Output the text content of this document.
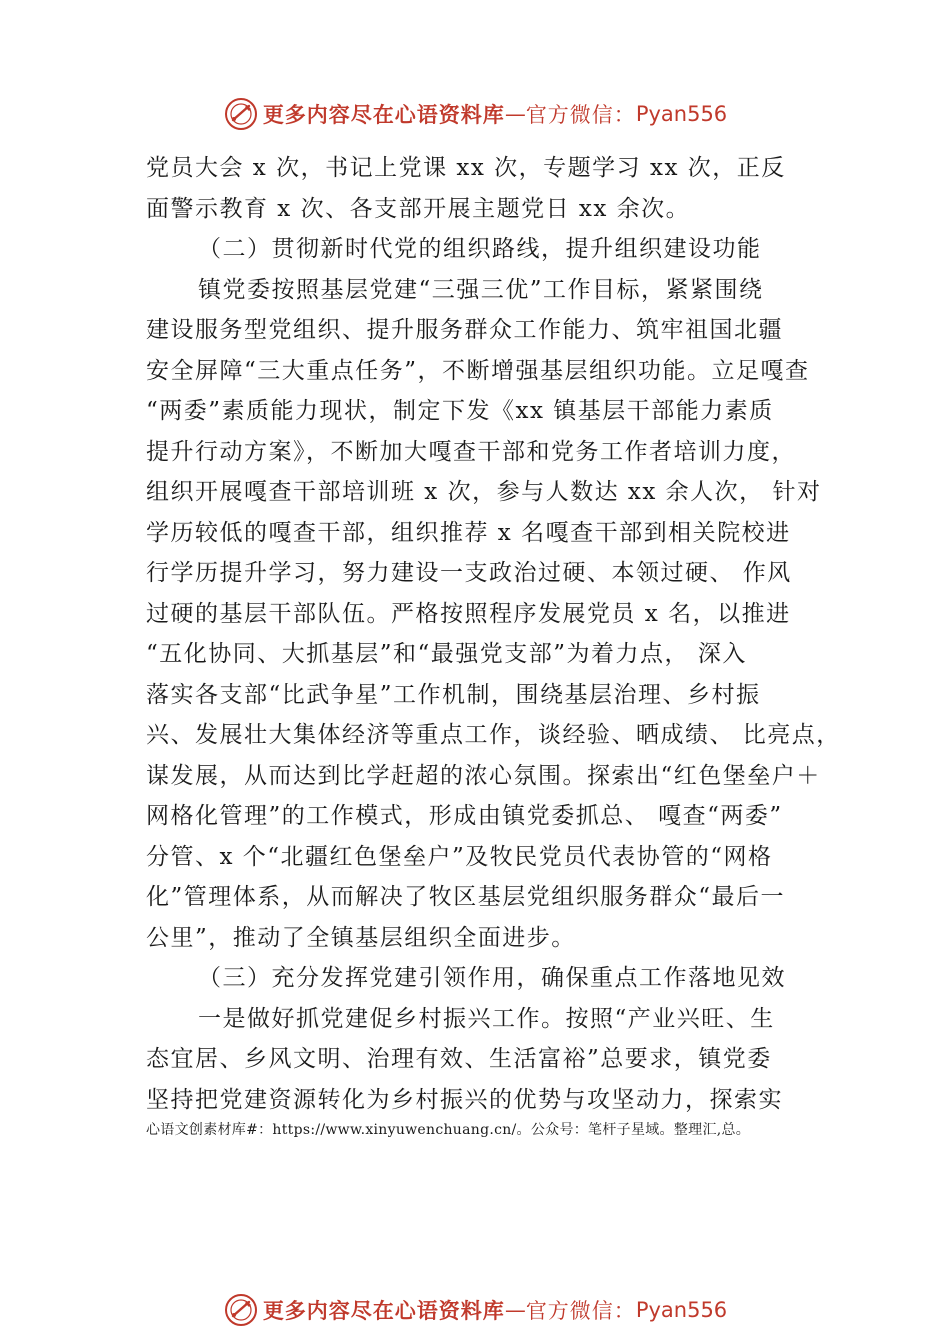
更多内容尽在心语资料库 — 官方微信： Pyan556
党员大会 x 次，书记上党课 xx 次，专题学习 xx 次，正反
面警示教育 x 次、各支部开展主题党日 xx 余次。
（二）贯彻新时代党的组织路线，提升组织建设功能
镇党委按照基层党建“三强三优”工作目标，紧紧围绕
建设服务型党组织、提升服务群众工作能力、筑牢祖国北疆
安全屏障“三大重点任务”，不断增强基层组织功能。立足嘎查
“两委”素质能力现状，制定下发《xx 镇基层干部能力素质
提升行动方案》，不断加大嘎查干部和党务工作者培训力度，
组织开展嘎查干部培训班 x 次，参与人数达 xx 余人次， 针对
学历较低的嘎查干部，组织推荐 x 名嘎查干部到相关院校进
行学历提升学习，努力建设一支政治过硬、本领过硬、 作风
过硬的基层干部队伍。严格按照程序发展党员 x 名，以推进
“五化协同、大抓基层”和“最强党支部”为着力点， 深入
落实各支部“比武争星”工作机制，围绕基层治理、乡村振
兴、发展壮大集体经济等重点工作，谈经验、晒成绩、 比亮点，
谋发展，从而达到比学赶超的浓心氛围。探索出“红色堡垒户＋
网格化管理”的工作模式，形成由镇党委抓总、 嘎查“两委”
分管、x 个“北疆红色堡垒户”及牧民党员代表协管的“网格
化”管理体系，从而解决了牧区基层党组织服务群众“最后一
公里”，推动了全镇基层组织全面进步。
（三）充分发挥党建引领作用，确保重点工作落地见效
一是做好抓党建促乡村振兴工作。按照“产业兴旺、生
态宜居、乡风文明、治理有效、生活富裕”总要求，镇党委
坚持把党建资源转化为乡村振兴的优势与攻坚动力，探索实
心语文创素材库#：https://www.xinyuwenchuang.cn/。公众号：笔杆子星域。整理汇,总。
更多内容尽在心语资料库 — 官方微信： Pyan556
